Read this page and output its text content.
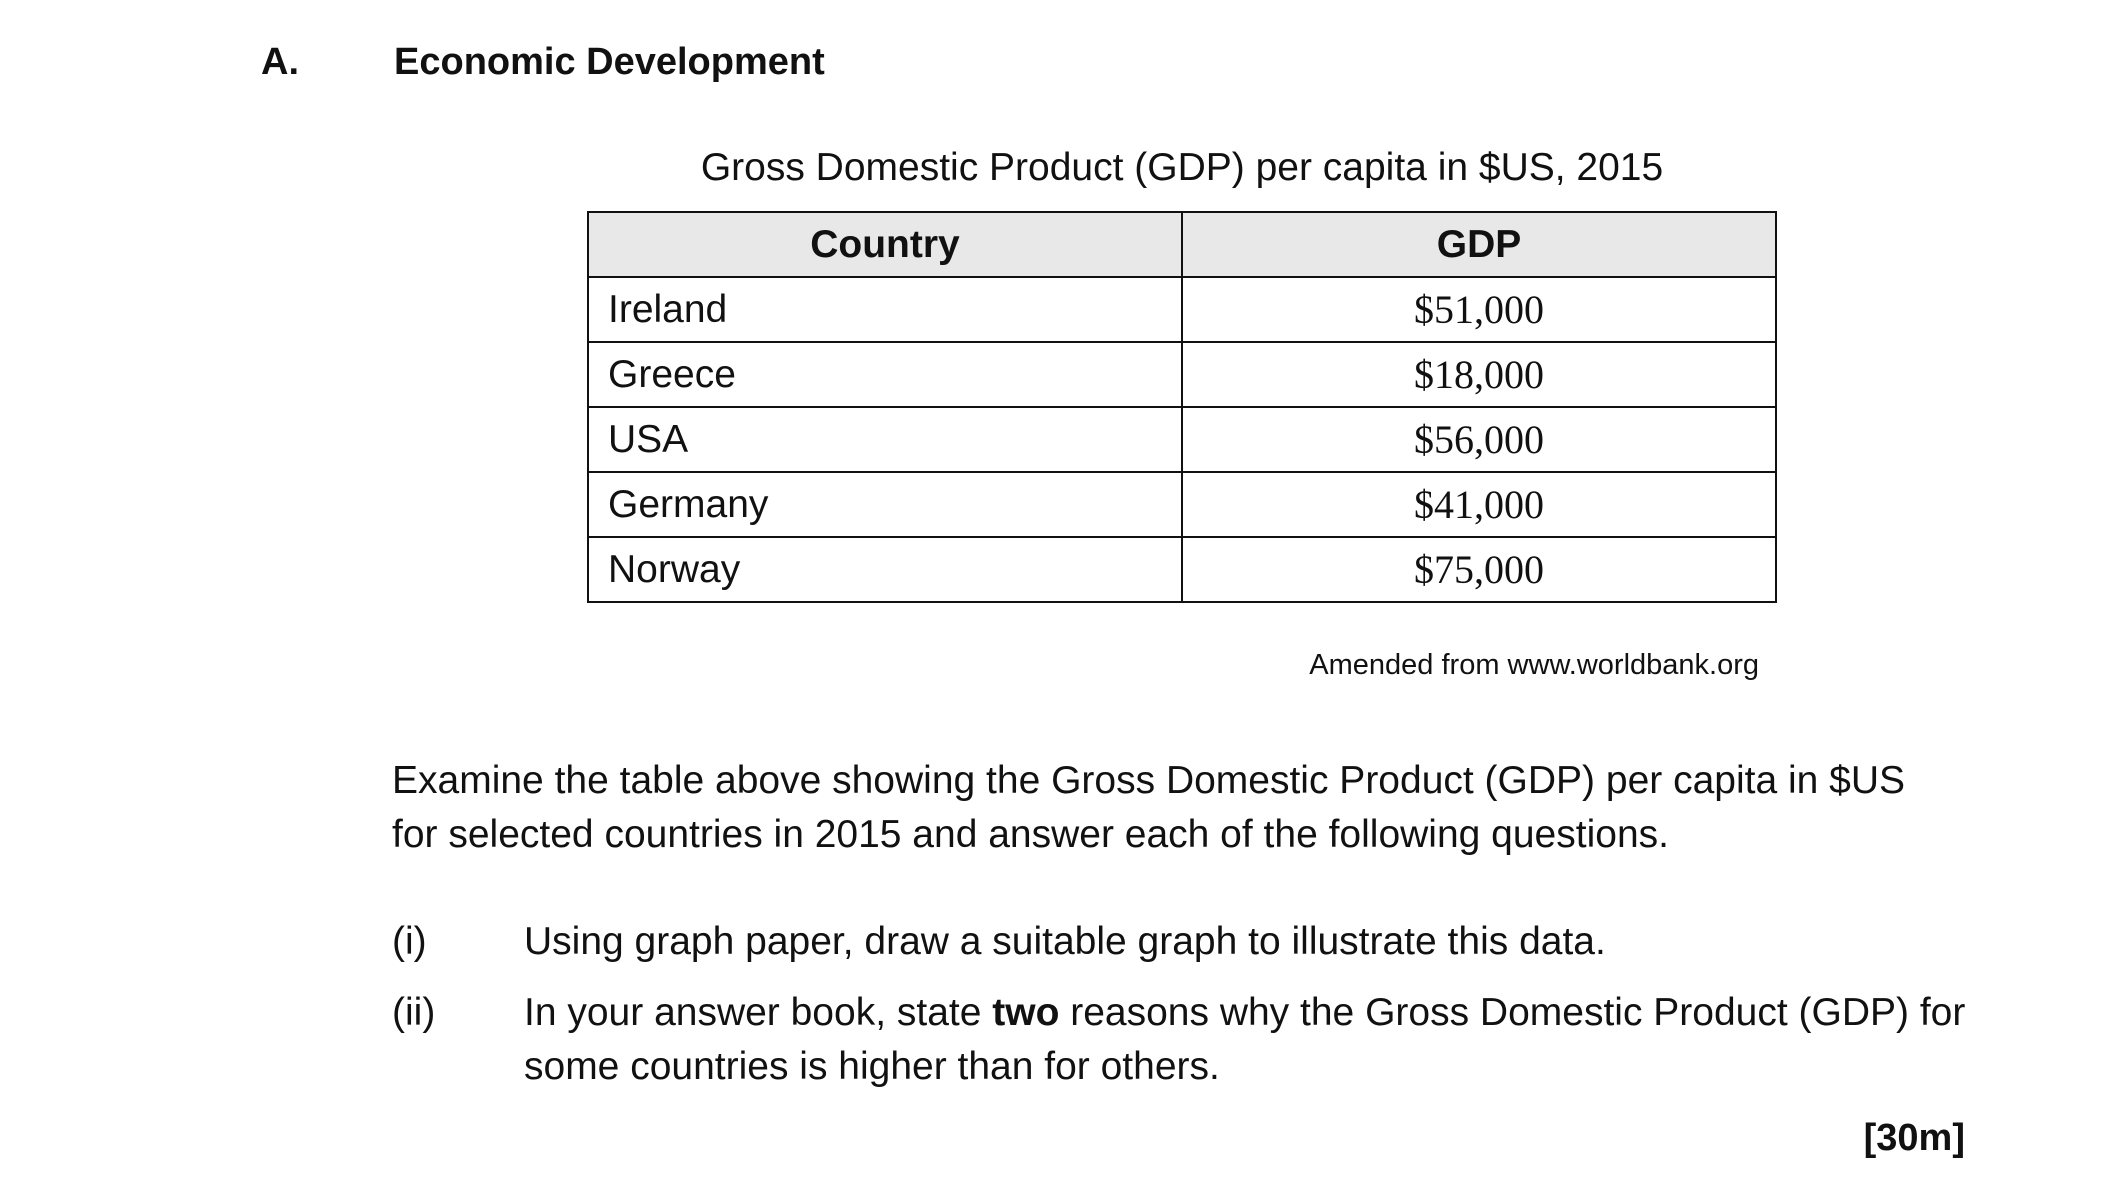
A.	Economic Development
Gross Domestic Product (GDP) per capita in $US, 2015
Country	GDP
Ireland	$51,000
Greece	$18,000
USA	$56,000
Germany	$41,000
Norway	$75,000
Amended from www.worldbank.org
Examine the table above showing the Gross Domestic Product (GDP) per capita in $US for selected countries in 2015 and answer each of the following questions.
(i) Using graph paper, draw a suitable graph to illustrate this data.
(ii) In your answer book, state two reasons why the Gross Domestic Product (GDP) for some countries is higher than for others.
[30m]
